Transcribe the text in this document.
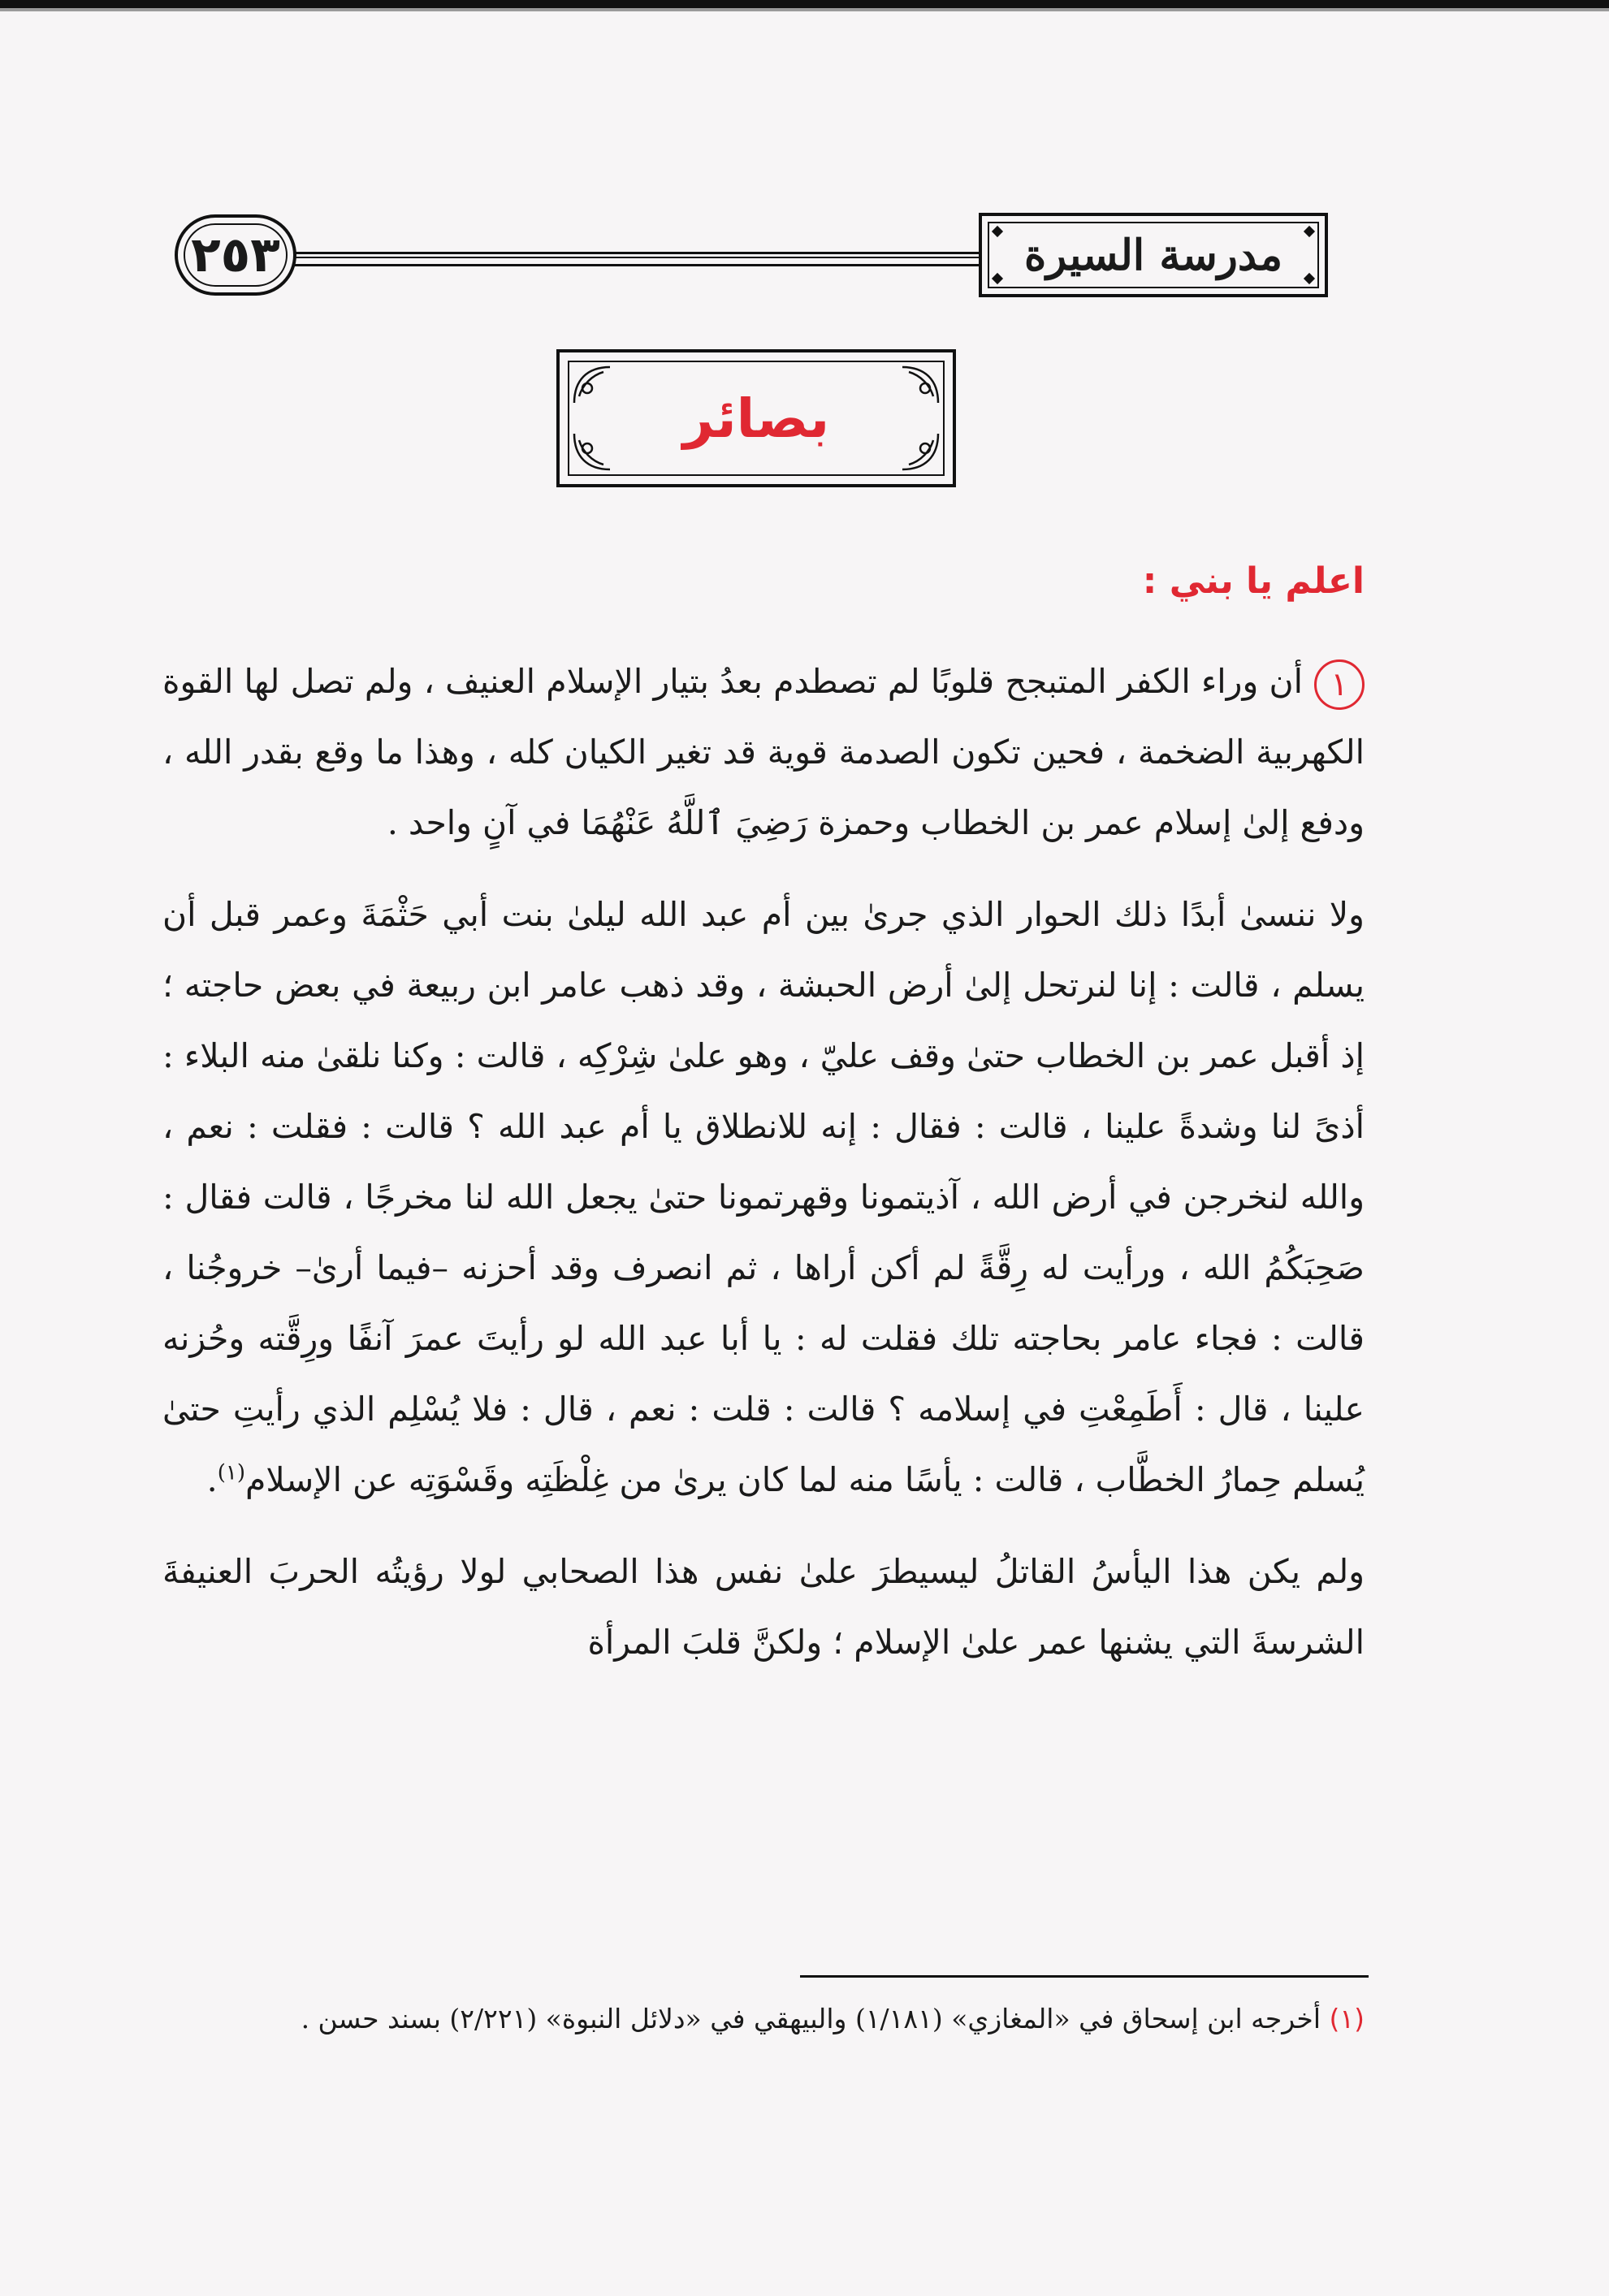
٢٥٣	مدرسة السيرة
بصائر

اعلم يا بني :

١أن وراء الكفر المتبجح قلوبًا لم تصطدم بعدُ بتيار الإسلام العنيف ، ولم تصل لها القوة الكهربية الضخمة ، فحين تكون الصدمة قوية قد تغير الكيان كله ، وهذا ما وقع بقدر الله ، ودفع إلىٰ إسلام عمر بن الخطاب وحمزة رَضِيَ ٱللَّهُ عَنْهُمَا في آنٍ واحد .

ولا ننسىٰ أبدًا ذلك الحوار الذي جرىٰ بين أم عبد الله ليلىٰ بنت أبي حَثْمَةَ وعمر قبل أن يسلم ، قالت : إنا لنرتحل إلىٰ أرض الحبشة ، وقد ذهب عامر ابن ربيعة في بعض حاجته ؛ إذ أقبل عمر بن الخطاب حتىٰ وقف عليّ ، وهو علىٰ شِرْكِه ، قالت : وكنا نلقىٰ منه البلاء : أذىً لنا وشدةً علينا ، قالت : فقال : إنه للانطلاق يا أم عبد الله ؟ قالت : فقلت : نعم ، والله لنخرجن في أرض الله ، آذيتمونا وقهرتمونا حتىٰ يجعل الله لنا مخرجًا ، قالت فقال : صَحِبَكُمُ الله ، ورأيت له رِقَّةً لم أكن أراها ، ثم انصرف وقد أحزنه –فيما أرىٰ– خروجُنا ، قالت : فجاء عامر بحاجته تلك فقلت له : يا أبا عبد الله لو رأيتَ عمرَ آنفًا ورِقَّته وحُزنه علينا ، قال : أَطَمِعْتِ في إسلامه ؟ قالت : قلت : نعم ، قال : فلا يُسْلِم الذي رأيتِ حتىٰ يُسلم حِمارُ الخطَّاب ، قالت : يأسًا منه لما كان يرىٰ من غِلْظَتِه وقَسْوَتِه عن الإسلام$^{(١)}$.

ولم يكن هذا اليأسُ القاتلُ ليسيطرَ علىٰ نفس هذا الصحابي لولا رؤيتُه الحربَ العنيفةَ الشرسةَ التي يشنها عمر علىٰ الإسلام ؛ ولكنَّ قلبَ المرأة

(١) أخرجه ابن إسحاق في «المغازي» (١/١٨١) والبيهقي في «دلائل النبوة» (٢/٢٢١) بسند حسن .
